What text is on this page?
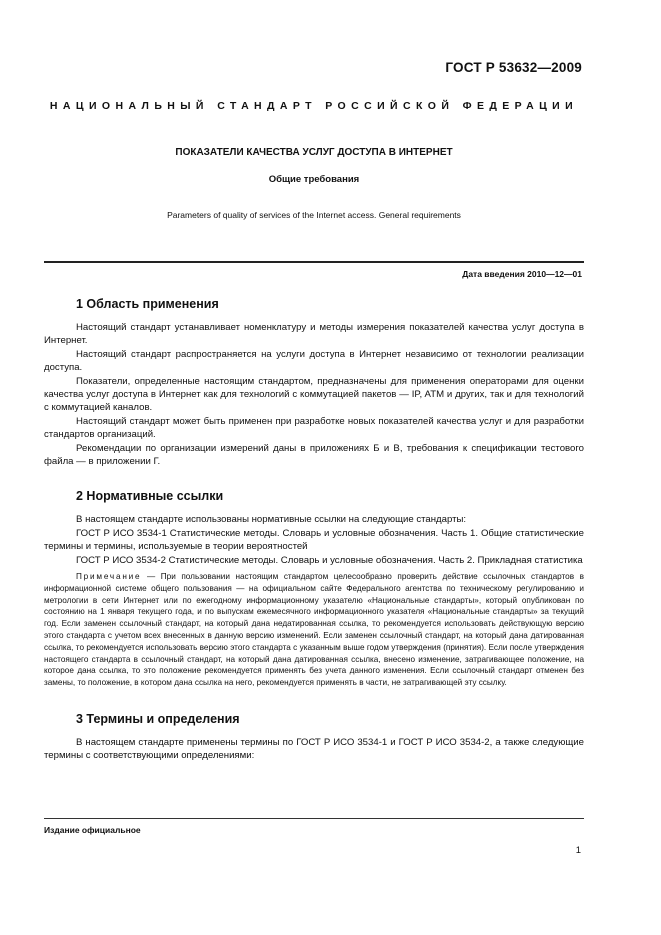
ГОСТ Р 53632—2009
НАЦИОНАЛЬНЫЙ СТАНДАРТ РОССИЙСКОЙ ФЕДЕРАЦИИ
ПОКАЗАТЕЛИ КАЧЕСТВА УСЛУГ ДОСТУПА В ИНТЕРНЕТ
Общие требования
Parameters of quality of services of the Internet access. General requirements
Дата введения 2010—12—01
1 Область применения

Настоящий стандарт устанавливает номенклатуру и методы измерения показателей качества услуг доступа в Интернет.

Настоящий стандарт распространяется на услуги доступа в Интернет независимо от технологии реализации доступа.

Показатели, определенные настоящим стандартом, предназначены для применения операторами для оценки качества услуг доступа в Интернет как для технологий с коммутацией пакетов — IP, ATM и других, так и для технологий с коммутацией каналов.

Настоящий стандарт может быть применен при разработке новых показателей качества услуг и для разработки стандартов организаций.

Рекомендации по организации измерений даны в приложениях Б и В, требования к спецификации тестового файла — в приложении Г.

2 Нормативные ссылки

В настоящем стандарте использованы нормативные ссылки на следующие стандарты:

ГОСТ Р ИСО 3534-1 Статистические методы. Словарь и условные обозначения. Часть 1. Общие статистические термины и термины, используемые в теории вероятностей

ГОСТ Р ИСО 3534-2 Статистические методы. Словарь и условные обозначения. Часть 2. Прикладная статистика

Примечание — При пользовании настоящим стандартом целесообразно проверить действие ссылочных стандартов в информационной системе общего пользования — на официальном сайте Федерального агентства по техническому регулированию и метрологии в сети Интернет или по ежегодному информационному указателю «Национальные стандарты», который опубликован по состоянию на 1 января текущего года, и по выпускам ежемесячного информационного указателя «Национальные стандарты» за текущий год. Если заменен ссылочный стандарт, на который дана недатированная ссылка, то рекомендуется использовать действующую версию этого стандарта с учетом всех внесенных в данную версию изменений. Если заменен ссылочный стандарт, на который дана датированная ссылка, то рекомендуется использовать версию этого стандарта с указанным выше годом утверждения (принятия). Если после утверждения настоящего стандарта в ссылочный стандарт, на который дана датированная ссылка, внесено изменение, затрагивающее положение, на которое дана ссылка, то это положение рекомендуется применять без учета данного изменения. Если ссылочный стандарт отменен без замены, то положение, в котором дана ссылка на него, рекомендуется применять в части, не затрагивающей эту ссылку.
3 Термины и определения

В настоящем стандарте применены термины по ГОСТ Р ИСО 3534-1 и ГОСТ Р ИСО 3534-2, а также следующие термины с соответствующими определениями:

Издание официальное
1
